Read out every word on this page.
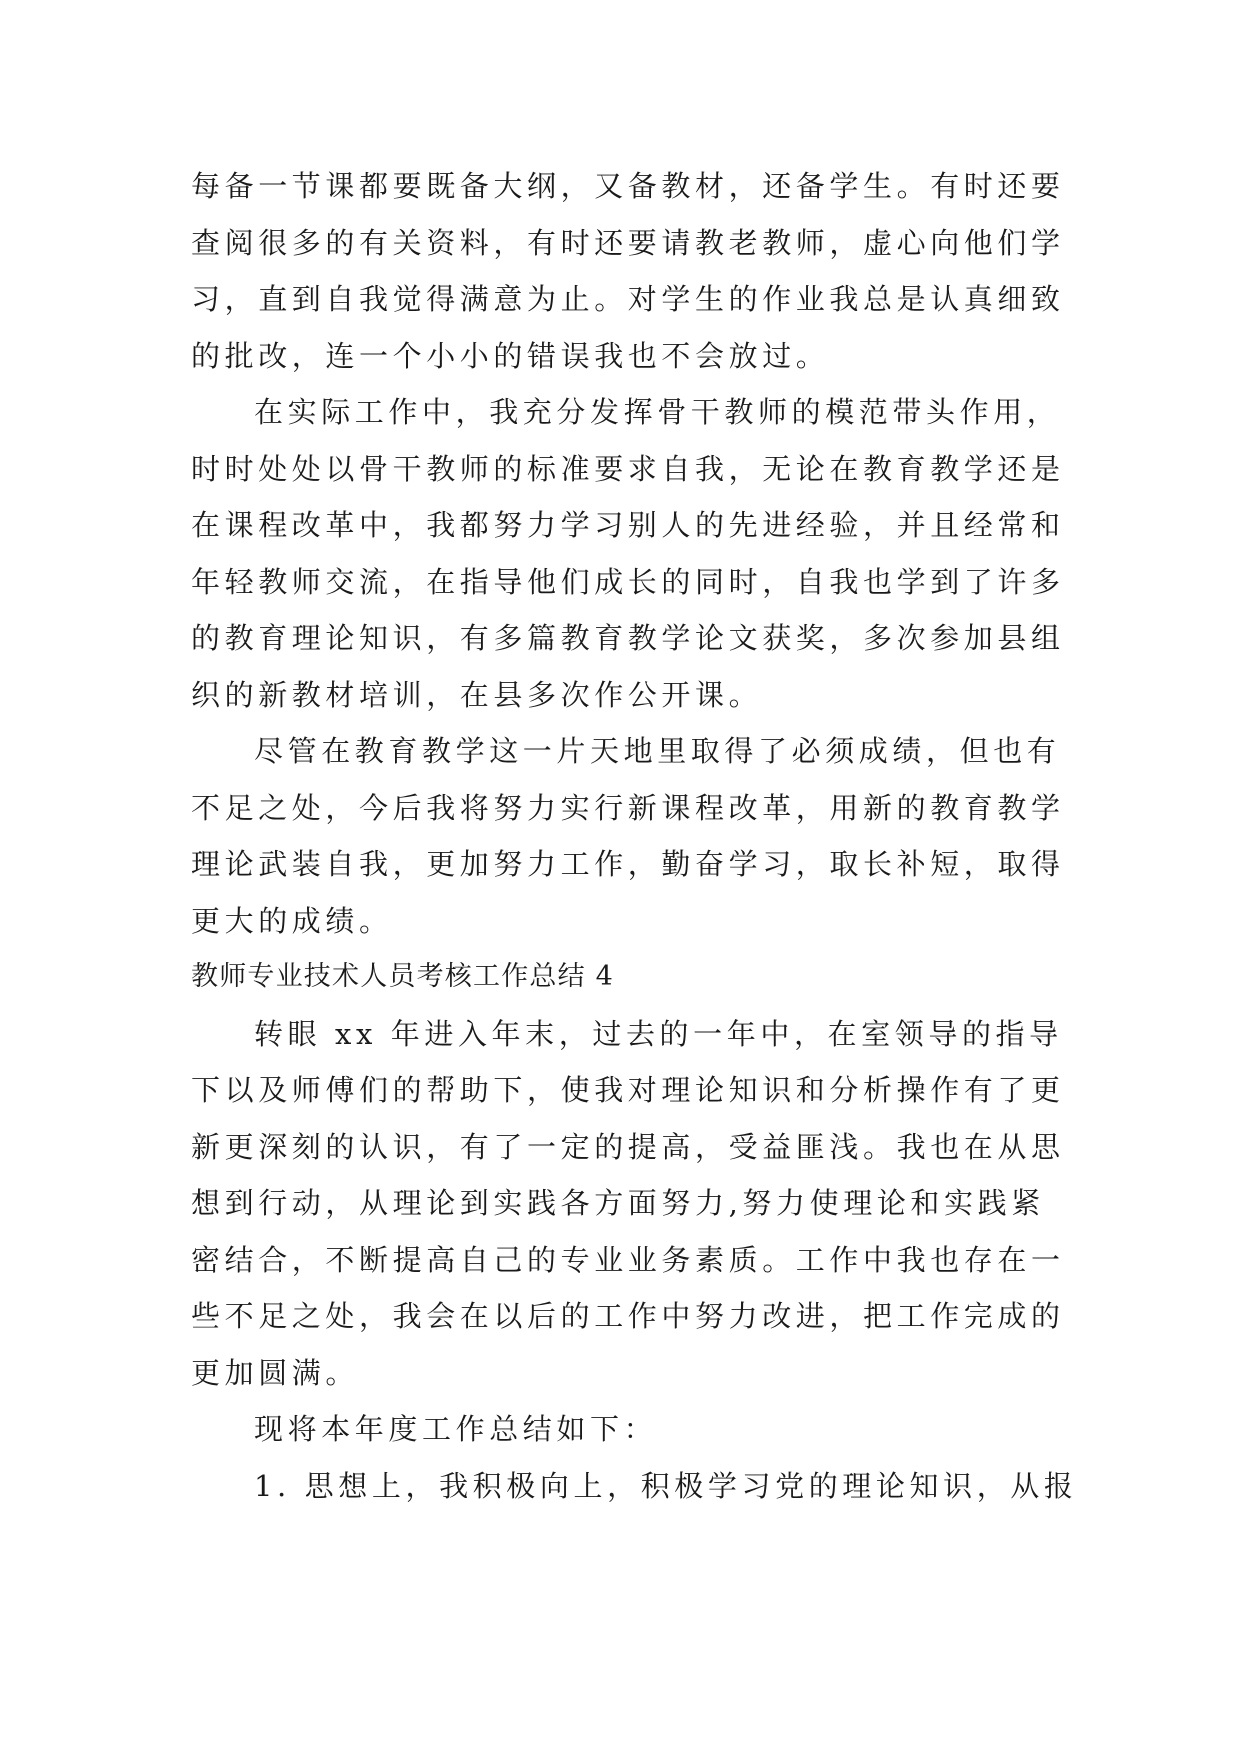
每备一节课都要既备大纲，又备教材，还备学生。有时还要
查阅很多的有关资料，有时还要请教老教师，虚心向他们学
习，直到自我觉得满意为止。对学生的作业我总是认真细致
的批改，连一个小小的错误我也不会放过。
在实际工作中，我充分发挥骨干教师的模范带头作用，
时时处处以骨干教师的标准要求自我，无论在教育教学还是
在课程改革中，我都努力学习别人的先进经验，并且经常和
年轻教师交流，在指导他们成长的同时，自我也学到了许多
的教育理论知识，有多篇教育教学论文获奖，多次参加县组
织的新教材培训，在县多次作公开课。
尽管在教育教学这一片天地里取得了必须成绩，但也有
不足之处，今后我将努力实行新课程改革，用新的教育教学
理论武装自我，更加努力工作，勤奋学习，取长补短，取得
更大的成绩。
教师专业技术人员考核工作总结 4
转眼 xx 年进入年末，过去的一年中，在室领导的指导
下以及师傅们的帮助下，使我对理论知识和分析操作有了更
新更深刻的认识，有了一定的提高，受益匪浅。我也在从思
想到行动，从理论到实践各方面努力,努力使理论和实践紧
密结合，不断提高自己的专业业务素质。工作中我也存在一
些不足之处，我会在以后的工作中努力改进，把工作完成的
更加圆满。
现将本年度工作总结如下：
1. 思想上，我积极向上，积极学习党的理论知识，从报
